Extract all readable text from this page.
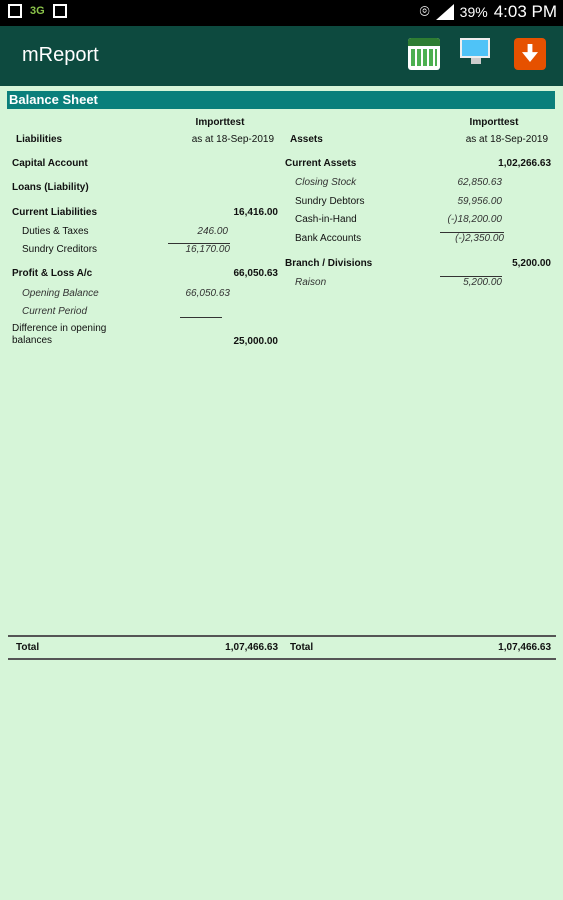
3G	⌾ 39% 4:03 PM
mReport
Balance Sheet
Importtest
Liabilities	as at 18-Sep-2019
Capital Account
Loans (Liability)
Current Liabilities	16,416.00
Duties & Taxes	246.00
Sundry Creditors	16,170.00
Profit & Loss A/c	66,050.63
Opening Balance	66,050.63
Current Period
Difference in opening balances	25,000.00
Importtest
Assets	as at 18-Sep-2019
Current Assets	1,02,266.63
Closing Stock	62,850.63
Sundry Debtors	59,956.00
Cash-in-Hand	(-)18,200.00
Bank Accounts	(-)2,350.00
Branch / Divisions	5,200.00
Raison	5,200.00
Total	1,07,466.63 Total	1,07,466.63
